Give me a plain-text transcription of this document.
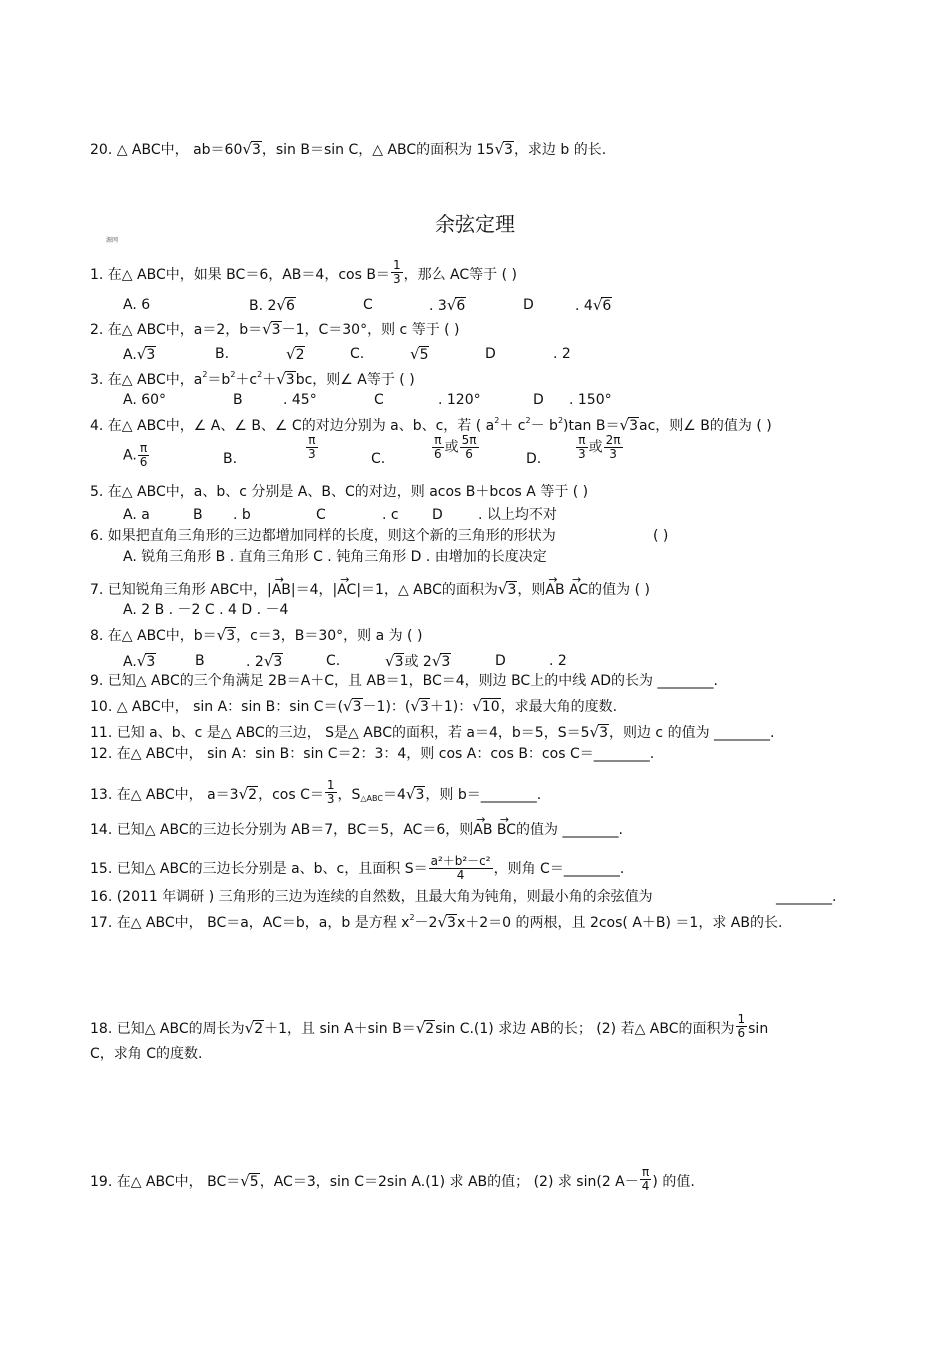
20. △ ABC中， ab＝60√3，sin B＝sin C，△ ABC的面积为 15√3，求边 b 的长.
余弦定理
源网
1. 在△ ABC中，如果 BC＝6，AB＝4，$\cos B= \frac{1}{3}$ ，那么 AC等于 ( )
A. 6	B. 2√6	C	. 3√6	D	. 4√6
2. 在△ ABC中，a＝2，b＝√3－1，C＝30°，则 c 等于 ( )
A.√3	B.	√2	C.	√5	D	. 2
3. 在△ ABC中，$a^2=b^2+c^2+√3bc$，则∠ A等于 ( )
A. 60°	B	. 45°	C	. 120°	D . 150°
4. 在△ ABC中，∠ A、∠ B、∠ C的对边分别为 a、b、c，若 ( $a^2+ c^2- b^2)\tan$ B＝√3ac，则∠ B的值为 ( )
A. $\frac{\pi}{6}$	B.
π
3	C.	$\frac{\pi}{6}$ 或 $\frac{5\pi}{6}$	D.	$\frac{\pi}{3}$ 或 $\frac{2\pi}{3}$
5. 在△ ABC中，a、b、c 分别是 A、B、C的对边，则 acos B＋bcos A 等于 ( )
A. a	B . b	C	. c D	. 以上均不对
6. 如果把直角三角形的三边都增加同样的长度，则这个新的三角形的形状为	( )
A. 锐角三角形 B . 直角三角形 C . 钝角三角形 D . 由增加的长度决定
7. 已知锐角三角形 ABC中，|→ AB|＝4，|→ AC|＝1，△ ABC的面积为√3，则→ AB → AC的值为 ( )
A. 2 B . －2 C . 4 D . －4
8. 在△ ABC中，b＝√3，c＝3，B＝30°，则 a 为 ( )
A.√3	B	. 2√3	C.	√3或 2√3	D	. 2
9. 已知△ ABC的三个角满足 2B＝A＋C，且 AB＝1，BC＝4，则边 BC上的中线 AD的长为 ________.
10. △ ABC中， sin A：sin B：sin C＝(√3－1)：(√3＋1)：√10，求最大角的度数.
11. 已知 a、b、c 是△ ABC的三边， S是△ ABC的面积，若 a＝4，b＝5，S＝5√3，则边 c 的值为 ________.
12. 在△ ABC中， sin A：sin B：sin C＝2：3：4，则 cos A：cos B：cos C＝________.
13. 在△ ABC中， a＝3√2，$\cos C= \frac{1}{3}$ ，$S_{\triangle ABC}=4√3$，则 b＝________.
14. 已知△ ABC的三边长分别为 AB＝7，BC＝5，AC＝6，则→ AB → BC的值为 ________.
15. 已知△ ABC的三边长分别是 a、b、c，且面积 $S= \frac{\text{a²＋b²－c²}}{4}$ ，则角 C＝________.
16. (2011 年调研 ) 三角形的三边为连续的自然数，且最大角为钝角，则最小角的余弦值为	________.
17. 在△ ABC中， BC＝a，AC＝b，a，b 是方程 $x^2-2√3x+2=0$ 的两根，且 2cos( A＋B) ＝1，求 AB的长.
18. 已知△ ABC的周长为√2＋1，且 sin A＋sin B＝√2sin C.(1) 求边 AB的长； (2) 若△ ABC的面积为 $\frac{1}{6}$ sin
C，求角 C的度数.
19. 在△ ABC中， BC＝√5，AC＝3，sin C＝2sin A.(1) 求 AB的值； (2) 求 sin(2 $A- \frac{\pi}{4}$ ) 的值.
